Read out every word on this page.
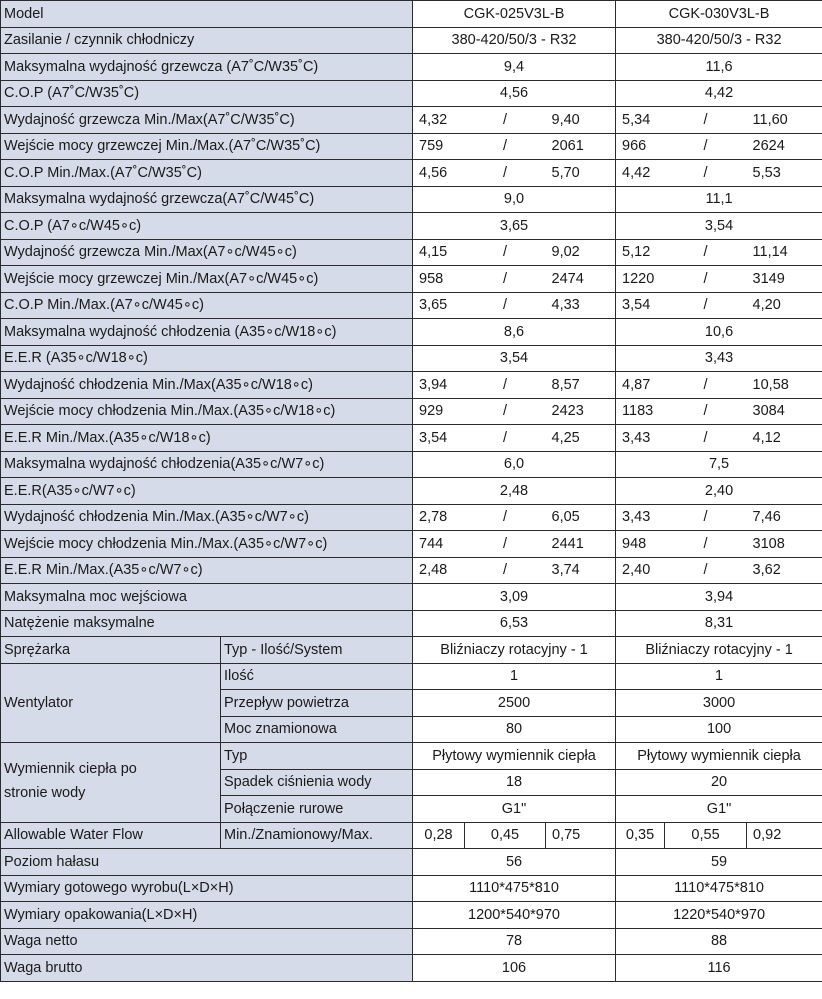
Model		CGK-025V3L-B			CGK-030V3L-B		
Zasilanie / czynnik chłodniczy		380-420/50/3 - R32			380-420/50/3 - R32		
Maksymalna wydajność grzewcza (A7˚C/W35˚C)		9,4			11,6		
C.O.P (A7˚C/W35˚C)		4,56			4,42		
Wydajność grzewcza Min./Max(A7˚C/W35˚C)		4,32	/	9,40	5,34	/	11,60
Wejście mocy grzewczej Min./Max.(A7˚C/W35˚C)		759	/	2061	966	/	2624
C.O.P Min./Max.(A7˚C/W35˚C)		4,56	/	5,70	4,42	/	5,53
Maksymalna wydajność grzewcza(A7˚C/W45˚C)		9,0			11,1		
C.O.P (A7∘c/W45∘c)		3,65			3,54		
Wydajność grzewcza Min./Max(A7∘c/W45∘c)		4,15	/	9,02	5,12	/	11,14
Wejście mocy grzewczej Min./Max(A7∘c/W45∘c)		958	/	2474	1220	/	3149
C.O.P Min./Max.(A7∘c/W45∘c)		3,65	/	4,33	3,54	/	4,20
Maksymalna wydajność chłodzenia (A35∘c/W18∘c)		8,6			10,6		
E.E.R (A35∘c/W18∘c)		3,54			3,43		
Wydajność chłodzenia Min./Max(A35∘c/W18∘c)		3,94	/	8,57	4,87	/	10,58
Wejście mocy chłodzenia Min./Max.(A35∘c/W18∘c)		929	/	2423	1183	/	3084
E.E.R Min./Max.(A35∘c/W18∘c)		3,54	/	4,25	3,43	/	4,12
Maksymalna wydajność chłodzenia(A35∘c/W7∘c)		6,0			7,5		
E.E.R(A35∘c/W7∘c)		2,48			2,40		
Wydajność chłodzenia Min./Max.(A35∘c/W7∘c)		2,78	/	6,05	3,43	/	7,46
Wejście mocy chłodzenia Min./Max.(A35∘c/W7∘c)		744	/	2441	948	/	3108
E.E.R Min./Max.(A35∘c/W7∘c)		2,48	/	3,74	2,40	/	3,62
Maksymalna moc wejściowa		3,09			3,94		
Natężenie maksymalne		6,53			8,31		
Sprężarka	Typ - Ilość/System	Bliźniaczy rotacyjny - 1			Bliźniaczy rotacyjny - 1		
Wentylator	Ilość	1			1		
	Przepływ powietrza	2500			3000		
	Moc znamionowa	80			100		

Wymiennik ciepła po
stronie wody	Typ	Płytowy wymiennik ciepła			Płytowy wymiennik ciepła		
	Spadek ciśnienia wody	18			20		
	Połączenie rurowe	G1"			G1"		
Allowable Water Flow	Min./Znamionowy/Max.	0,28	0,45	0,75	0,35	0,55	0,92
Poziom hałasu		56			59		
Wymiary gotowego wyrobu(L×D×H)		1110*475*810			1110*475*810		
Wymiary opakowania(L×D×H)		1200*540*970			1220*540*970		
Waga netto		78			88		
Waga brutto		106			116		
